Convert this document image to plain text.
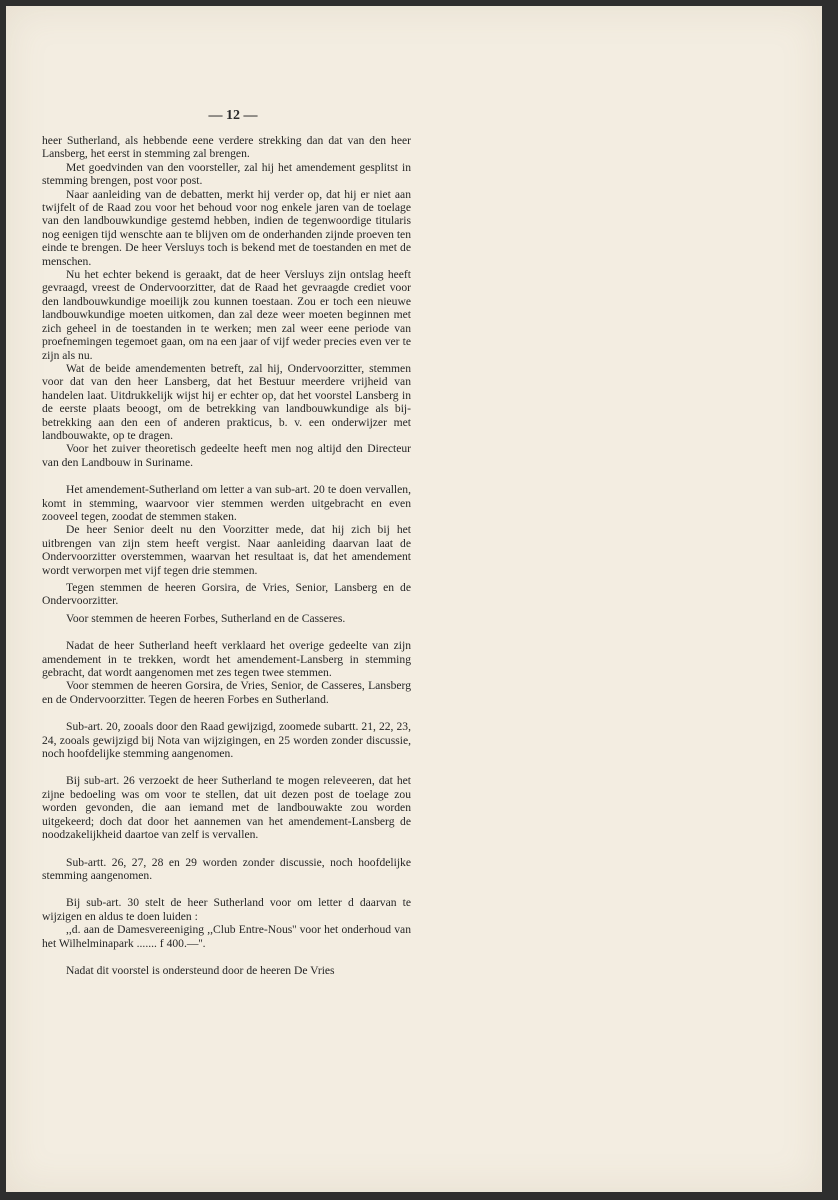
— 12 —

heer Sutherland, als hebbende eene verdere strekking dan dat van den heer Lansberg, het eerst in stemming zal brengen.

Met goedvinden van den voorsteller, zal hij het amendement gesplitst in stemming brengen, post voor post.

Naar aanleiding van de debatten, merkt hij verder op, dat hij er niet aan twijfelt of de Raad zou voor het behoud voor nog enkele jaren van de toelage van den landbouwkundige gestemd hebben, indien de tegenwoordige titularis nog eenigen tijd wenschte aan te blijven om de onderhanden zijnde proeven ten einde te brengen. De heer Versluys toch is bekend met de toestanden en met de menschen.

Nu het echter bekend is geraakt, dat de heer Versluys zijn ontslag heeft gevraagd, vreest de Ondervoorzitter, dat de Raad het gevraagde crediet voor den landbouwkundige moeilijk zou kunnen toestaan. Zou er toch een nieuwe landbouwkundige moeten uitkomen, dan zal deze weer moeten beginnen met zich geheel in de toestanden in te werken; men zal weer eene periode van proefnemingen tegemoet gaan, om na een jaar of vijf weder precies even ver te zijn als nu.

Wat de beide amendementen betreft, zal hij, Ondervoorzitter, stemmen voor dat van den heer Lansberg, dat het Bestuur meerdere vrijheid van handelen laat. Uitdrukkelijk wijst hij er echter op, dat het voorstel Lansberg in de eerste plaats beoogt, om de betrekking van landbouwkundige als bij-betrekking aan den een of anderen prakticus, b. v. een onderwijzer met landbouwakte, op te dragen.

Voor het zuiver theoretisch gedeelte heeft men nog altijd den Directeur van den Landbouw in Suriname.

Het amendement-Sutherland om letter a van sub-art. 20 te doen vervallen, komt in stemming, waarvoor vier stemmen werden uitgebracht en even zooveel tegen, zoodat de stemmen staken.

De heer Senior deelt nu den Voorzitter mede, dat hij zich bij het uitbrengen van zijn stem heeft vergist. Naar aanleiding daarvan laat de Ondervoorzitter overstemmen, waarvan het resultaat is, dat het amendement wordt verworpen met vijf tegen drie stemmen.

Tegen stemmen de heeren Gorsira, de Vries, Senior, Lansberg en de Ondervoorzitter.

Voor stemmen de heeren Forbes, Sutherland en de Casseres.

Nadat de heer Sutherland heeft verklaard het overige gedeelte van zijn amendement in te trekken, wordt het amendement-Lansberg in stemming gebracht, dat wordt aangenomen met zes tegen twee stemmen.

Voor stemmen de heeren Gorsira, de Vries, Senior, de Casseres, Lansberg en de Ondervoorzitter. Tegen de heeren Forbes en Sutherland.

Sub-art. 20, zooals door den Raad gewijzigd, zoomede subartt. 21, 22, 23, 24, zooals gewijzigd bij Nota van wijzigingen, en 25 worden zonder discussie, noch hoofdelijke stemming aangenomen.

Bij sub-art. 26 verzoekt de heer Sutherland te mogen releveeren, dat het zijne bedoeling was om voor te stellen, dat uit dezen post de toelage zou worden gevonden, die aan iemand met de landbouwakte zou worden uitgekeerd; doch dat door het aannemen van het amendement-Lansberg de noodzakelijkheid daartoe van zelf is vervallen.

Sub-artt. 26, 27, 28 en 29 worden zonder discussie, noch hoofdelijke stemming aangenomen.

Bij sub-art. 30 stelt de heer Sutherland voor om letter d daarvan te wijzigen en aldus te doen luiden :

,,d. aan de Damesvereeniging ,,Club Entre-Nous'' voor het onderhoud van het Wilhelminapark ....... f 400.—''.

Nadat dit voorstel is ondersteund door de heeren De Vries
